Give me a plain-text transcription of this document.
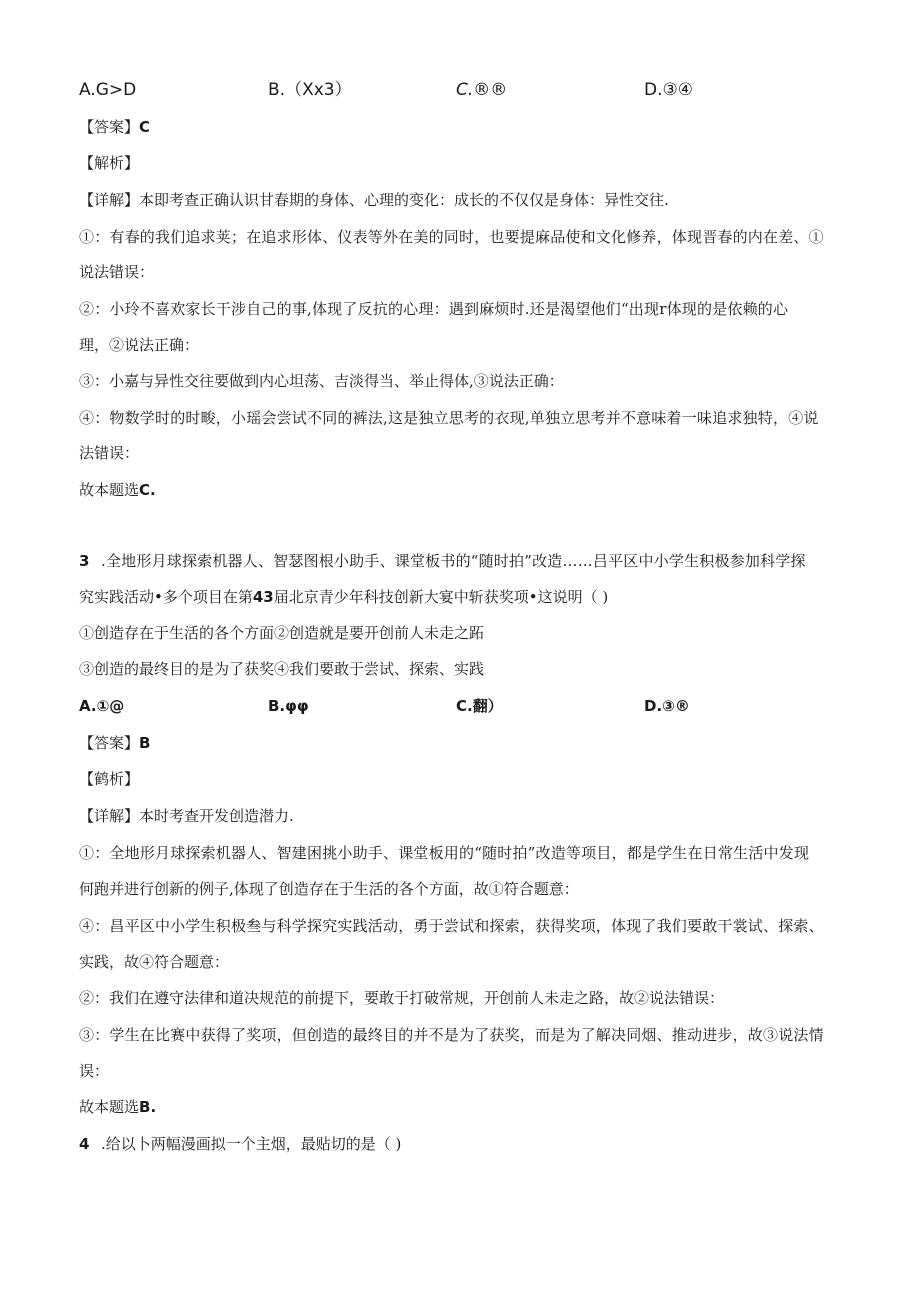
A.G>D	B.（Xx3）	C.®®	D.③④
【答案】C
【解析】
【详解】本即考查正确认识甘春期的身体、心理的变化：成长的不仅仅是身体：异性交往.
①：有春的我们追求荚；在追求形体、仪表等外在美的同时，也要提麻品使和文化修养，体现晋春的内在差、①
说法错误：
②：小玲不喜欢家长干涉自己的事,体现了反抗的心理：遇到麻烦时.还是渴望他们“出现r体现的是依赖的心
理，②说法正确：
③：小嘉与异性交往要做到内心坦荡、吉淡得当、举止得体,③说法正确：
④：物数学时的时畯，小瑶会尝试不同的裤法,这是独立思考的衣现,单独立思考并不意味着一味追求独特，④说
法错误：
故本题选C.
3 .全地形月球探索机器人、智瑟图根小助手、课堂板书的“随时拍”改造……吕平区中小学生积极参加科学探
究实践活动•多个项目在第43届北京青少年科技创新大宴中斩获奖项•这说明（ )
①创造存在于生活的各个方面②创造就是要开创前人未走之跖
③创造的最终目的是为了获奖④我们要敢于尝试、探索、实践
A.①@	B.φφ	C.翻）	D.③®
【答案】B
【鹤析】
【详解】本时考查开发创造潜力.
①：全地形月球探索机器人、智建困挑小助手、课堂板用的“随时拍”改造等项目，都是学生在日常生活中发现
何跑并进行创新的例子,体现了创造存在于生活的各个方面，故①符合题意：
④：昌平区中小学生积极叁与科学探究实践活动，勇于尝试和探索，获得奖项，体现了我们要敢干裳试、探索、
实践，故④符合题意：
②：我们在遵守法律和道决规范的前提下，要敢于打破常规，开创前人未走之路，故②说法错误：
③：学生在比赛中获得了奖项，但创造的最终目的并不是为了获奖，而是为了解决同烟、推动进步，故③说法情
误：
故本题选B.
4 .给以卜两幅漫画拟一个主烟，最贴切的是（ )
